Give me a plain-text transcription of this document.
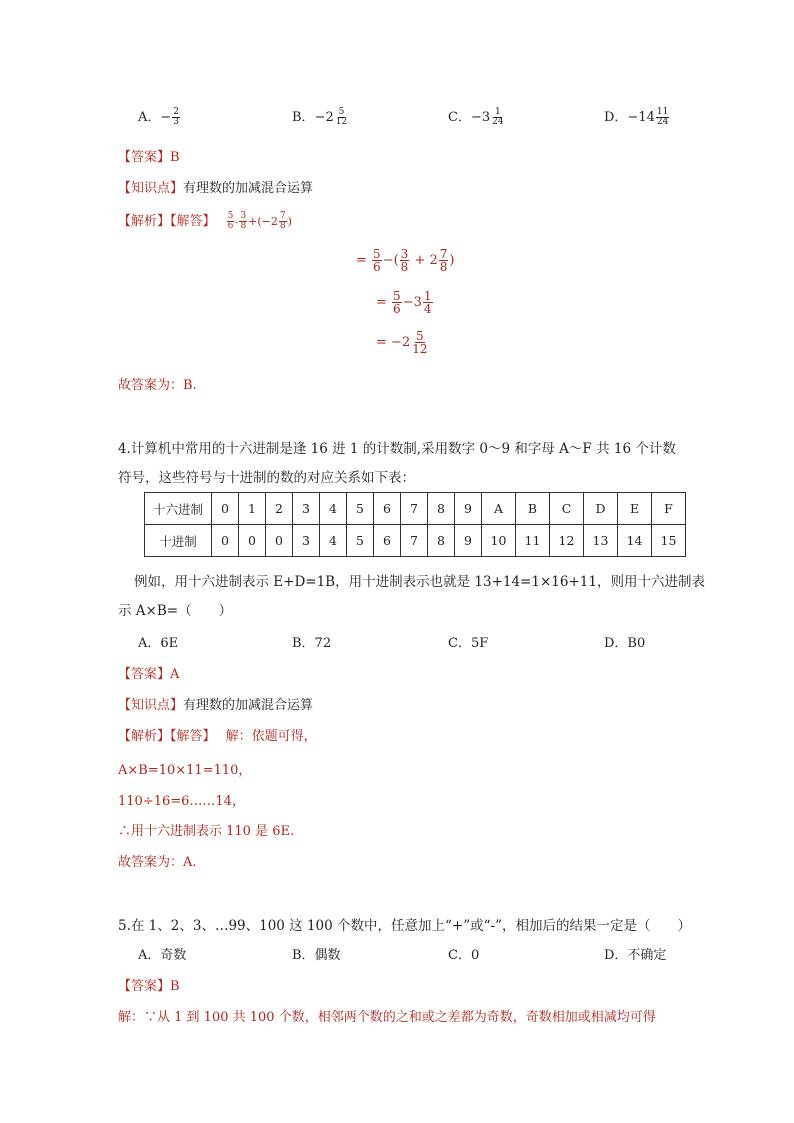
A．− $\frac{2}{3}$	B．$-2 \frac{5}{12}$	C．$-3 \frac{1}{24}$	D．$-14 \frac{11}{24}$
【答案】B
【知识点】有理数的加减混合运算
【解析】【解答】 $\frac{5}{6} - \frac{3}{8} +(-2 \frac{7}{8}$ )
= $\frac{5}{6}$ −( $\frac{3}{8} + 2 \frac{7}{8}$ )
= $\frac{5}{6} -3 \frac{1}{4}$
= $-2 \frac{5}{12}$
故答案为：B.
4.计算机中常用的十六进制是逢 16 进 1 的计数制,采用数字 0～9 和字母 A～F 共 16 个计数
符号，这些符号与十进制的数的对应关系如下表：
十六进制	0	1	2	3	4	5	6	7	8	9	A	B	C	D	E	F
十进制	0	0	0	3	4	5	6	7	8	9	10	11	12	13	14	15
例如，用十六进制表示 E+D=1B，用十进制表示也就是 13+14=1×16+11，则用十六进制表
示 A×B=（　　）
A．6E	B．72	C．5F	D．B0
【答案】A
【知识点】有理数的加减混合运算
【解析】【解答】 解：依题可得，
A×B=10×11=110，
110÷16=6……14，
∴用十六进制表示 110 是 6E.
故答案为：A.
5.在 1、2、3、…99、100 这 100 个数中，任意加上“+”或“-”，相加后的结果一定是（　　）
A．奇数	B．偶数	C．0	D．不确定
【答案】B
解：∵从 1 到 100 共 100 个数，相邻两个数的之和或之差都为奇数，奇数相加或相减均可得
